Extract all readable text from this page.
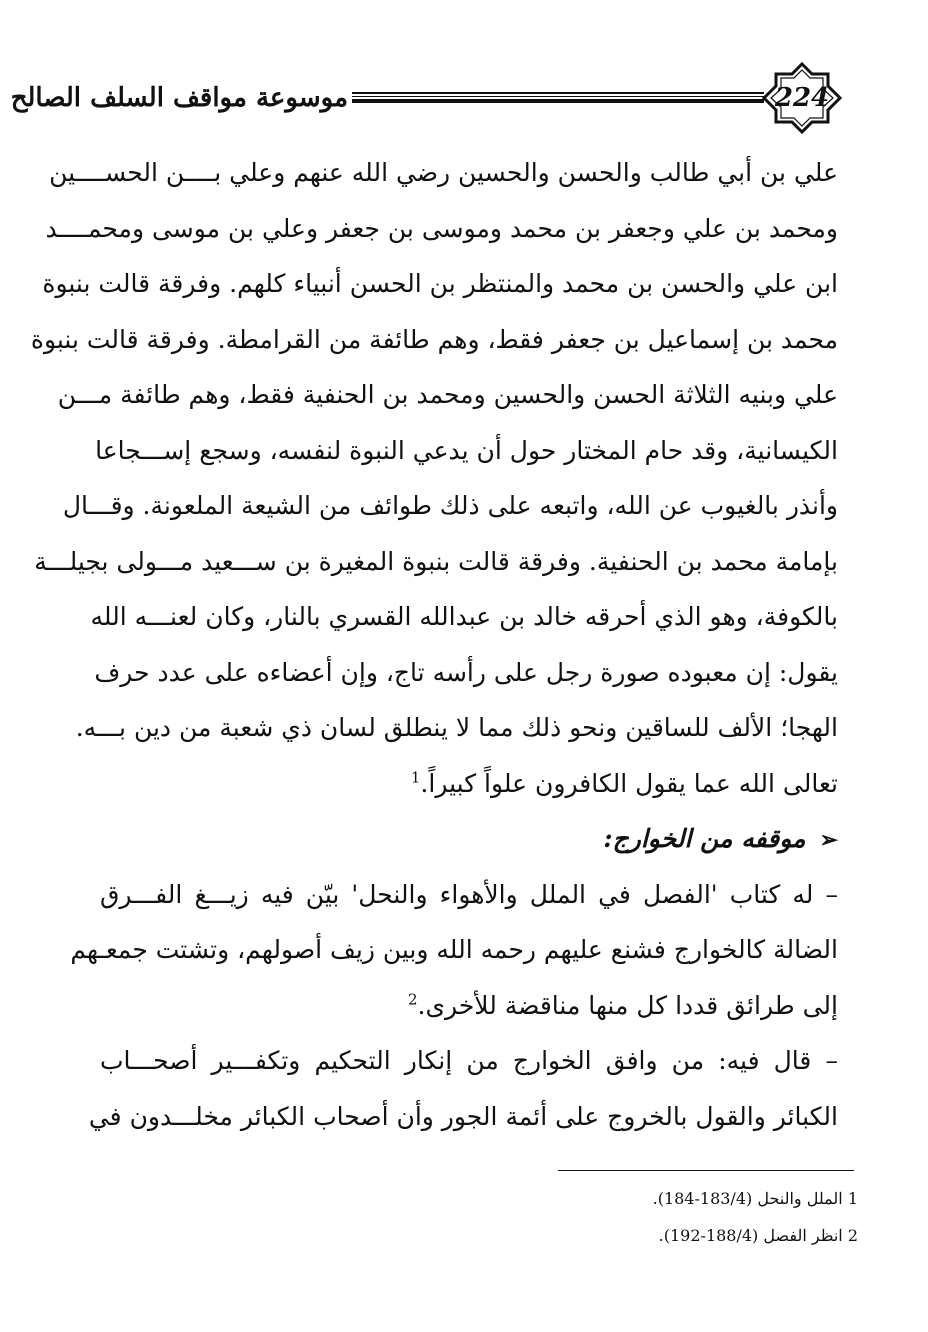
موسوعة مواقف السلف الصالح	224
علي بن أبي طالب والحسن والحسين رضي الله عنهم وعلي بــــن الحســــين
ومحمد بن علي وجعفر بن محمد وموسى بن جعفر وعلي بن موسى ومحمــــد
ابن علي والحسن بن محمد والمنتظر بن الحسن أنبياء كلهم. وفرقة قالت بنبوة
محمد بن إسماعيل بن جعفر فقط، وهم طائفة من القرامطة. وفرقة قالت بنبوة
علي وبنيه الثلاثة الحسن والحسين ومحمد بن الحنفية فقط، وهم طائفة مـــن
الكيسانية، وقد حام المختار حول أن يدعي النبوة لنفسه، وسجع إســـجاعا
وأنذر بالغيوب عن الله، واتبعه على ذلك طوائف من الشيعة الملعونة. وقـــال
بإمامة محمد بن الحنفية. وفرقة قالت بنبوة المغيرة بن ســـعيد مـــولى بجيلـــة
بالكوفة، وهو الذي أحرقه خالد بن عبدالله القسري بالنار، وكان لعنـــه الله
يقول: إن معبوده صورة رجل على رأسه تاج، وإن أعضاءه على عدد حرف
الهجا؛ الألف للساقين ونحو ذلك مما لا ينطلق لسان ذي شعبة من دين بـــه.
تعالى الله عما يقول الكافرون علواً كبيراً.$^1$
➢موقفه من الخوارج:
– له كتاب 'الفصل في الملل والأهواء والنحل' بيّن فيه زيـــغ الفـــرق
الضالة كالخوارج فشنع عليهم رحمه الله وبين زيف أصولهم، وتشتت جمعـهم
إلى طرائق قددا كل منها مناقضة للأخرى.$^2$
– قال فيه: من وافق الخوارج من إنكار التحكيم وتكفـــير أصحـــاب
الكبائر والقول بالخروج على أئمة الجور وأن أصحاب الكبائر مخلـــدون في
1 الملل والنحل (183/4-184).
2 انظر الفصل (188/4-192).
